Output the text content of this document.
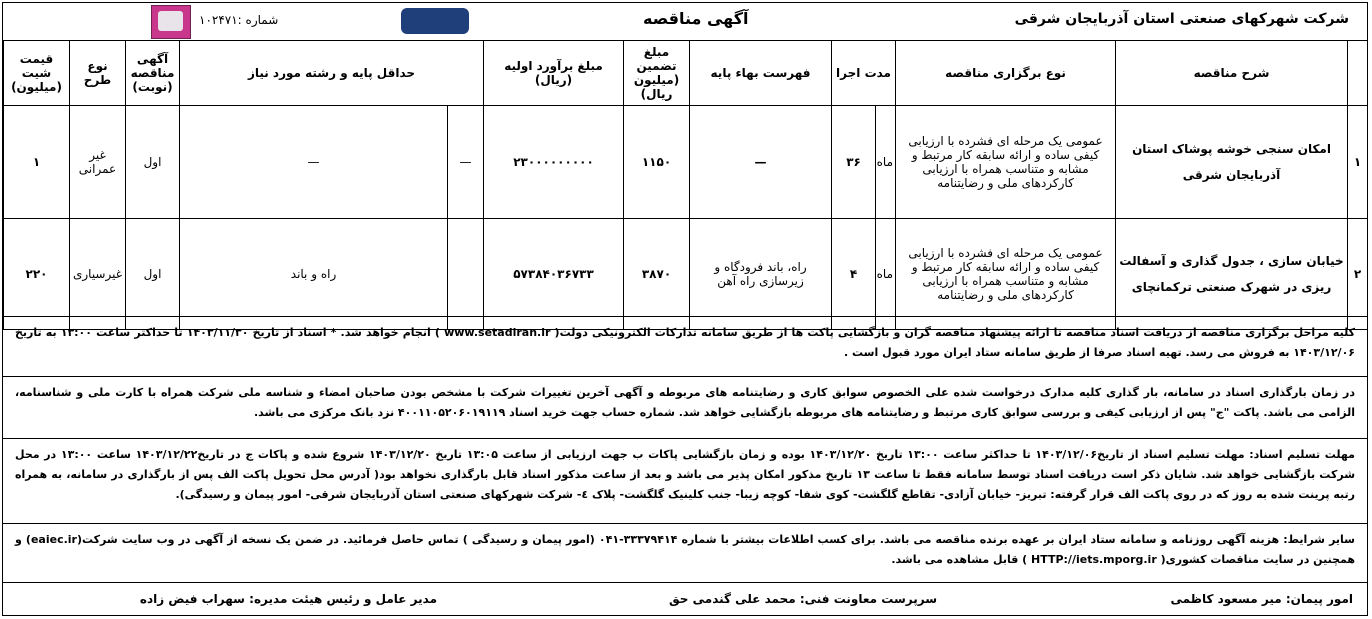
شرکت شهرکهای صنعتی استان آذربایجان شرقی
آگهی مناقصه
شماره :۱۰۲۴۷۱
	شرح مناقصه	نوع برگزاری مناقصه	مدت اجرا		فهرست بهاء پایه	مبلغ تضمین (میلیون ریال)	مبلغ برآورد اولیه (ریال)	حداقل پایه و رشته مورد نیاز		آگهی مناقصه (نوبت)	نوع طرح	قیمت شیت (میلیون)
۱	امکان سنجی خوشه پوشاک استان آذربایجان شرقی	عمومی یک مرحله ای فشرده با ارزیابی کیفی ساده و ارائه سابقه کار مرتبط و مشابه و متناسب همراه با ارزیابی کارکردهای ملی و رضایتنامه	ماه	۳۶	—	۱۱۵۰	۲۳۰۰۰۰۰۰۰۰۰	—	—	اول	غیر عمرانی	۱
۲	خیابان سازی ، جدول گذاری و آسفالت ریزی در شهرک صنعتی ترکمانچای	عمومی یک مرحله ای فشرده با ارزیابی کیفی ساده و ارائه سابقه کار مرتبط و مشابه و متناسب همراه با ارزیابی کارکردهای ملی و رضایتنامه	ماه	۴	راه، باند فرودگاه و زیرسازی راه آهن	۳۸۷۰	۵۷۳۸۴۰۳۶۷۳۳		راه و باند	اول	غیرسیاری	۲۲۰
کلیه مراحل برگزاری مناقصه از دریافت اسناد مناقصه تا ارائه پیشنهاد مناقصه گران و بازگشایی پاکت ها از طریق سامانه تدارکات الکترونیکی دولت( www.setadiran.ir ) انجام خواهد شد. * اسناد از تاریخ ۱۴۰۳/۱۱/۳۰ تا حداکثر ساعت ۱۳:۰۰ به تاریخ ۱۴۰۳/۱۲/۰۶ به فروش می رسد. تهیه اسناد صرفا از طریق سامانه ستاد ایران مورد قبول است .
در زمان بارگذاری اسناد در سامانه، بار گذاری کلیه مدارک درخواست شده علی الخصوص سوابق کاری و رضایتنامه های مربوطه و آگهی آخرین تغییرات شرکت با مشخص بودن صاحبان امضاء و شناسه ملی شرکت همراه با کارت ملی و شناسنامه، الزامی می باشد. پاکت "ج" پس از ارزیابی کیفی و بررسی سوابق کاری مرتبط و رضایتنامه های مربوطه بازگشایی خواهد شد. شماره حساب جهت خرید اسناد ۴۰۰۱۱۰۵۲۰۶۰۱۹۱۱۹ نزد بانک مرکزی می باشد.
مهلت تسلیم اسناد: مهلت تسلیم اسناد از تاریخ۱۴۰۳/۱۲/۰۶ تا حداکثر ساعت ۱۳:۰۰ تاریخ ۱۴۰۳/۱۲/۲۰ بوده و زمان بازگشایی پاکات ب جهت ارزیابی از ساعت ۱۳:۰۵ تاریخ ۱۴۰۳/۱۲/۲۰ شروع شده و پاکات ج در تاریخ۱۴۰۳/۱۲/۲۲ ساعت ۱۳:۰۰ در محل شرکت بازگشایی خواهد شد. شایان ذکر است دریافت اسناد توسط سامانه فقط تا ساعت ۱۳ تاریخ مذکور امکان پذیر می باشد و بعد از ساعت مذکور اسناد قابل بارگذاری نخواهد بود( آدرس محل تحویل پاکت الف پس از بارگذاری در سامانه، به همراه رتبه پرینت شده به روز که در روی پاکت الف قرار گرفته: تبریز- خیابان آزادی- تقاطع گلگشت- کوی شفا- کوچه زیبا- جنب کلینیک گلگشت- پلاک ٤- شرکت شهرکهای صنعتی استان آذربایجان شرقی- امور پیمان و رسیدگی).
سایر شرایط: هزینه آگهی روزنامه و سامانه ستاد ایران بر عهده برنده مناقصه می باشد. برای کسب اطلاعات بیشتر با شماره ۳۳۳۷۹۴۱۴-۰۴۱ (امور پیمان و رسیدگی ) تماس حاصل فرمائید. در ضمن یک نسخه از آگهی در وب سایت شرکت(eaiec.ir) و همچنین در سایت مناقصات کشوری( HTTP://iets.mporg.ir ) قابل مشاهده می باشد.
امور پیمان: میر مسعود کاظمی
سرپرست معاونت فنی: محمد علی گندمی حق
مدیر عامل و رئیس هیئت مدیره: سهراب فیض زاده
